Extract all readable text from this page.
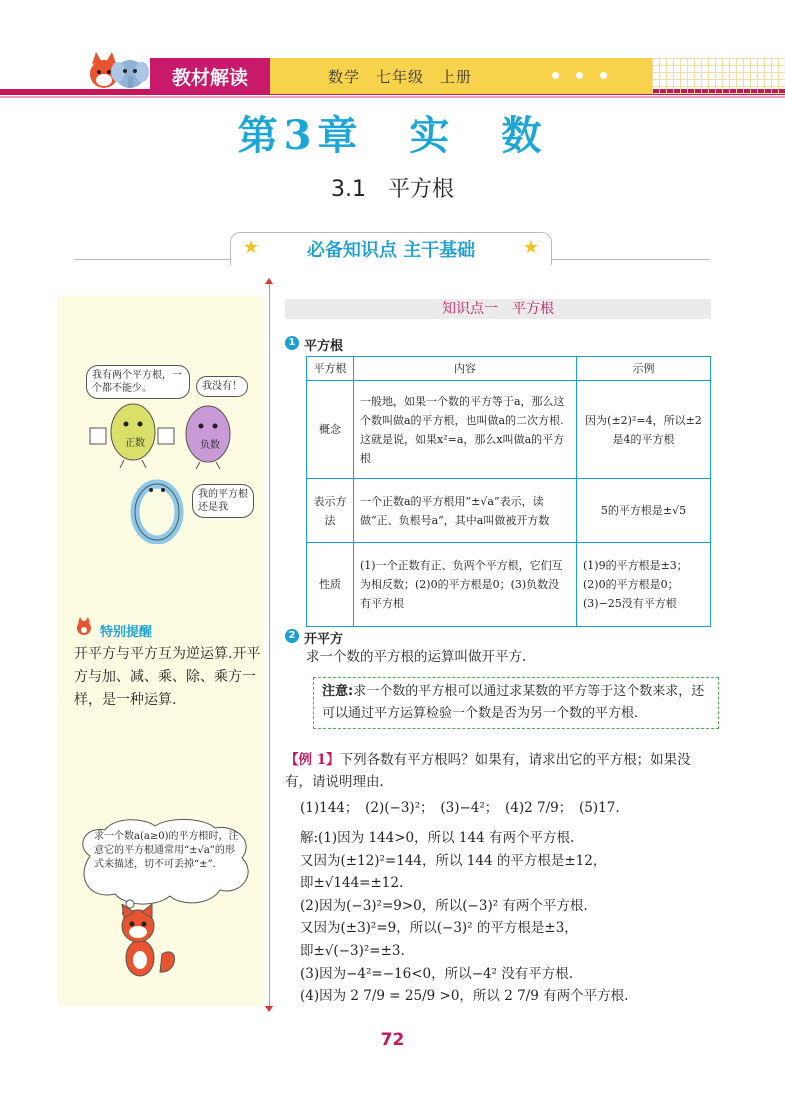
教材解读	数学　七年级　上册
第3章　实　数
3.1　平方根
★	必备知识点 主干基础	★
我有两个平方根，一个都不能少。	我没有！
正数	负数
我的平方根还是我
特别提醒
开平方与平方互为逆运算.开平方与加、减、乘、除、乘方一样，是一种运算.
求一个数a(a≥0)的平方根时，注意它的平方根通常用“±√a”的形式来描述，切不可丢掉“±”.
知识点一　平方根
1 平方根
平方根	内容	示例
概念	一般地，如果一个数的平方等于a，那么这个数叫做a的平方根，也叫做a的二次方根.这就是说，如果x²=a，那么x叫做a的平方根	因为(±2)²=4，所以±2是4的平方根
表示方法	一个正数a的平方根用“±√a”表示，读做“正、负根号a”，其中a叫做被开方数	5的平方根是±√5
性质	(1)一个正数有正、负两个平方根，它们互为相反数；(2)0的平方根是0；(3)负数没有平方根	(1)9的平方根是±3；(2)0的平方根是0；(3)−25没有平方根
2 开平方
求一个数的平方根的运算叫做开平方.
注意:求一个数的平方根可以通过求某数的平方等于这个数来求，还可以通过平方运算检验一个数是否为另一个数的平方根.
【例 1】下列各数有平方根吗？如果有，请求出它的平方根；如果没有，请说明理由.
(1)144；　(2)(−3)²；　(3)−4²；　(4)2 7/9；　(5)17.
解:(1)因为 144>0，所以 144 有两个平方根.
又因为(±12)²=144，所以 144 的平方根是±12，
即±√144=±12.
(2)因为(−3)²=9>0，所以(−3)² 有两个平方根.
又因为(±3)²=9，所以(−3)² 的平方根是±3，
即±√(−3)²=±3.
(3)因为−4²=−16<0，所以−4² 没有平方根.
(4)因为 2 7/9 = 25/9 >0，所以 2 7/9 有两个平方根.
72
